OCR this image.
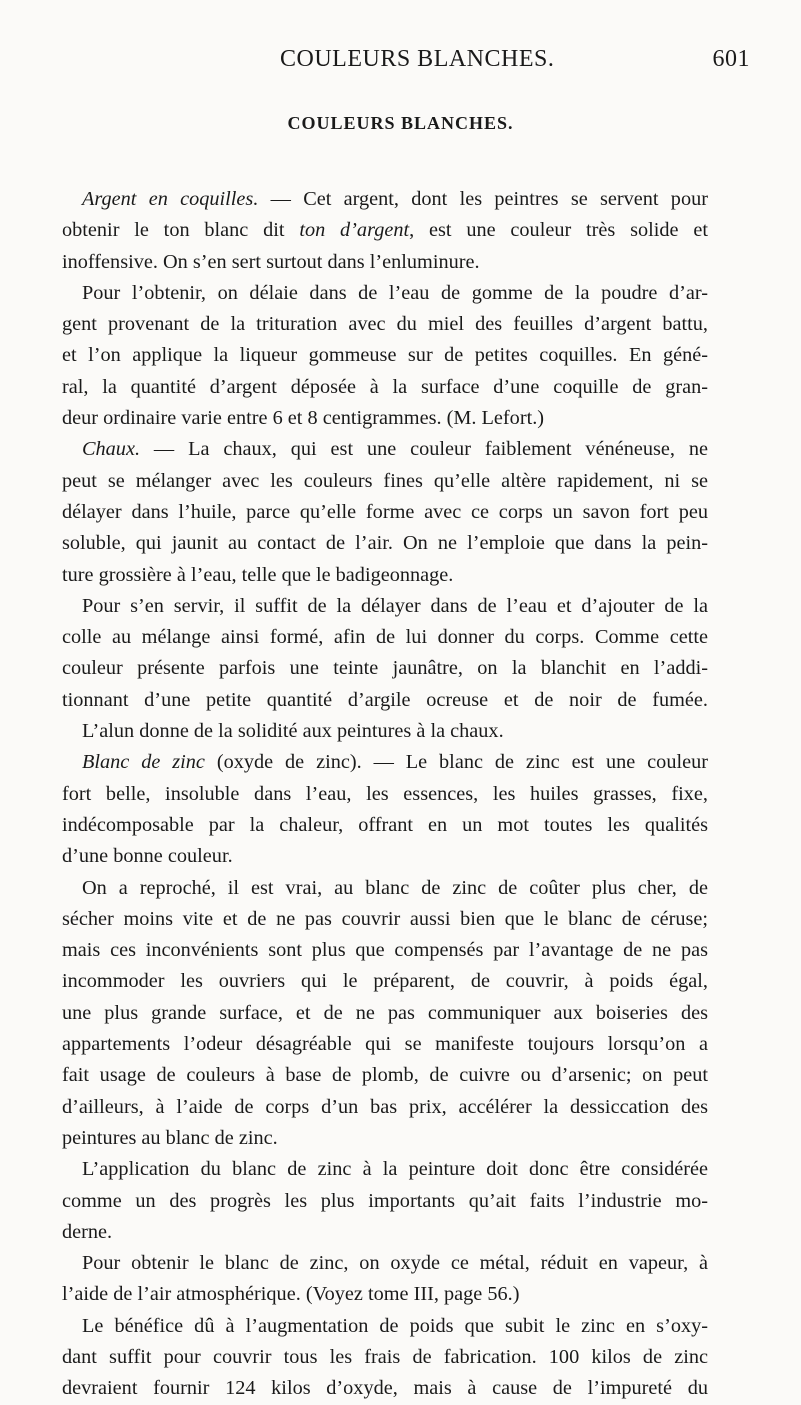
COULEURS BLANCHES.	601
COULEURS BLANCHES.

Argent en coquilles. — Cet argent, dont les peintres se servent pour

obtenir le ton blanc dit ton d’argent, est une couleur très solide et

inoffensive. On s’en sert surtout dans l’enluminure.

Pour l’obtenir, on délaie dans de l’eau de gomme de la poudre d’ar-

gent provenant de la trituration avec du miel des feuilles d’argent battu,

et l’on applique la liqueur gommeuse sur de petites coquilles. En géné-

ral, la quantité d’argent déposée à la surface d’une coquille de gran-

deur ordinaire varie entre 6 et 8 centigrammes. (M. Lefort.)

Chaux. — La chaux, qui est une couleur faiblement vénéneuse, ne

peut se mélanger avec les couleurs fines qu’elle altère rapidement, ni se

délayer dans l’huile, parce qu’elle forme avec ce corps un savon fort peu

soluble, qui jaunit au contact de l’air. On ne l’emploie que dans la pein-

ture grossière à l’eau, telle que le badigeonnage.

Pour s’en servir, il suffit de la délayer dans de l’eau et d’ajouter de la

colle au mélange ainsi formé, afin de lui donner du corps. Comme cette

couleur présente parfois une teinte jaunâtre, on la blanchit en l’addi-

tionnant d’une petite quantité d’argile ocreuse et de noir de fumée.

L’alun donne de la solidité aux peintures à la chaux.

Blanc de zinc (oxyde de zinc). — Le blanc de zinc est une couleur

fort belle, insoluble dans l’eau, les essences, les huiles grasses, fixe,

indécomposable par la chaleur, offrant en un mot toutes les qualités

d’une bonne couleur.

On a reproché, il est vrai, au blanc de zinc de coûter plus cher, de

sécher moins vite et de ne pas couvrir aussi bien que le blanc de céruse;

mais ces inconvénients sont plus que compensés par l’avantage de ne pas

incommoder les ouvriers qui le préparent, de couvrir, à poids égal,

une plus grande surface, et de ne pas communiquer aux boiseries des

appartements l’odeur désagréable qui se manifeste toujours lorsqu’on a

fait usage de couleurs à base de plomb, de cuivre ou d’arsenic; on peut

d’ailleurs, à l’aide de corps d’un bas prix, accélérer la dessiccation des

peintures au blanc de zinc.

L’application du blanc de zinc à la peinture doit donc être considérée

comme un des progrès les plus importants qu’ait faits l’industrie mo-

derne.

Pour obtenir le blanc de zinc, on oxyde ce métal, réduit en vapeur, à

l’aide de l’air atmosphérique. (Voyez tome III, page 56.)

Le bénéfice dû à l’augmentation de poids que subit le zinc en s’oxy-

dant suffit pour couvrir tous les frais de fabrication. 100 kilos de zinc

devraient fournir 124 kilos d’oxyde, mais à cause de l’impureté du
